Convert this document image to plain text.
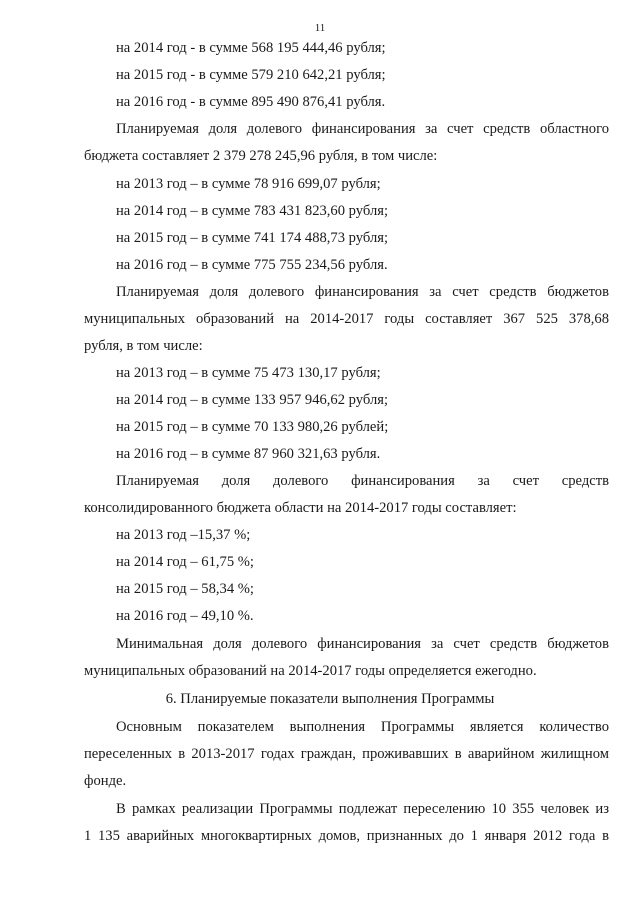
11
на 2014 год - в сумме 568 195 444,46 рубля;
на 2015 год - в сумме 579 210 642,21 рубля;
на 2016 год - в сумме 895 490 876,41 рубля.
Планируемая доля долевого финансирования за счет средств областного
бюджета составляет 2 379 278 245,96 рубля, в том числе:
на 2013 год – в сумме 78 916 699,07 рубля;
на 2014 год – в сумме 783 431 823,60 рубля;
на 2015 год – в сумме 741 174 488,73 рубля;
на 2016 год – в сумме 775 755 234,56 рубля.
Планируемая доля долевого финансирования за счет средств бюджетов
муниципальных образований на 2014-2017 годы составляет 367 525 378,68
рубля, в том числе:
на 2013 год – в сумме 75 473 130,17 рубля;
на 2014 год – в сумме 133 957 946,62 рубля;
на 2015 год – в сумме 70 133 980,26 рублей;
на 2016 год – в сумме 87 960 321,63 рубля.
Планируемая доля долевого финансирования за счет средств
консолидированного бюджета области на 2014-2017 годы составляет:
на 2013 год –15,37 %;
на 2014 год – 61,75 %;
на 2015 год – 58,34 %;
на 2016 год – 49,10 %.
Минимальная доля долевого финансирования за счет средств бюджетов
муниципальных образований на 2014-2017 годы определяется ежегодно.
6. Планируемые показатели выполнения Программы
Основным показателем выполнения Программы является количество
переселенных в 2013-2017 годах граждан, проживавших в аварийном жилищном
фонде.
В рамках реализации Программы подлежат переселению 10 355 человек из
1 135 аварийных многоквартирных домов, признанных до 1 января 2012 года в
